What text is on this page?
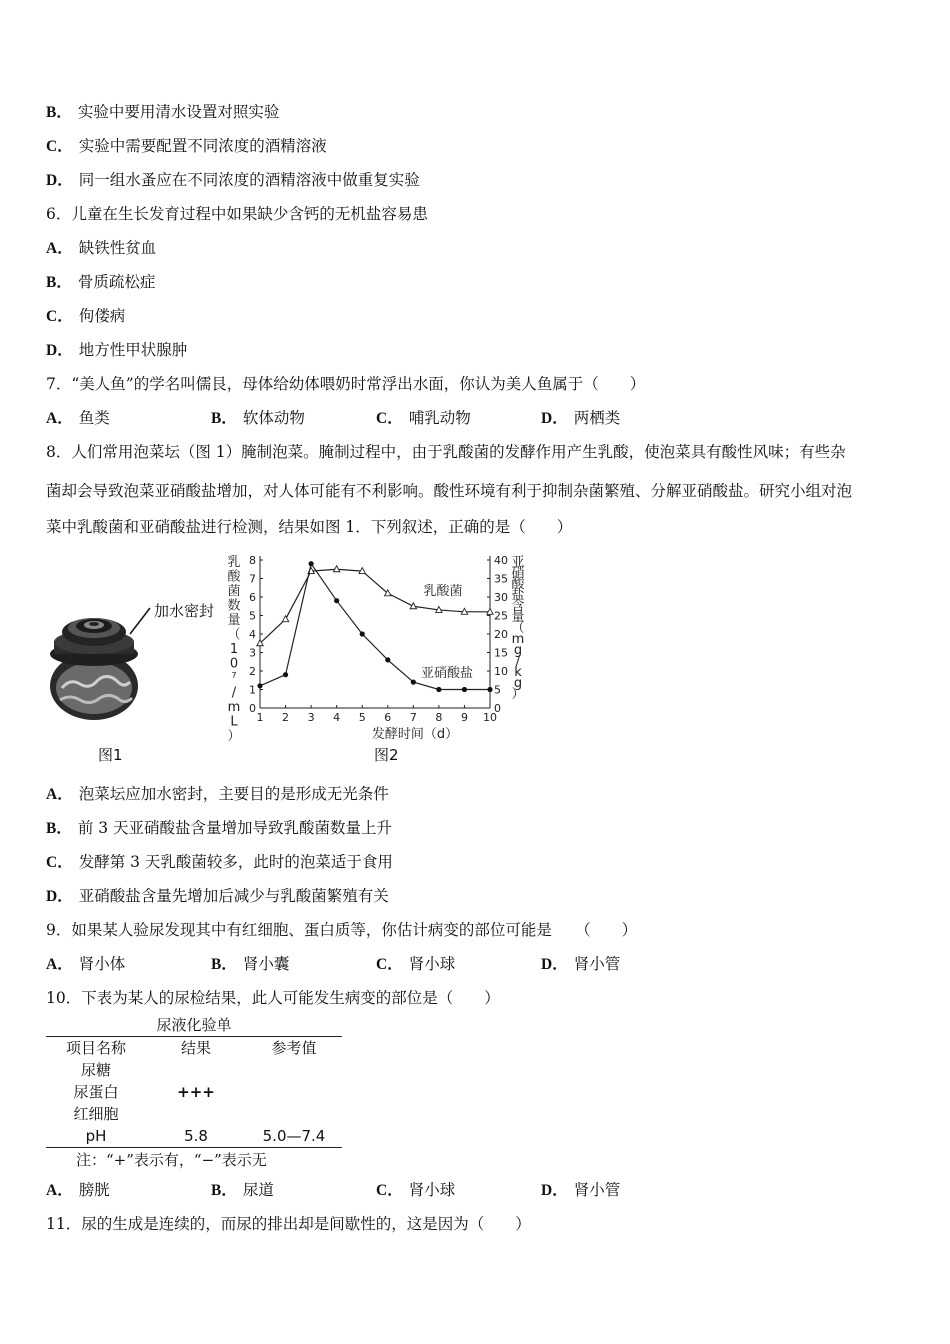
B． 实验中要用清水设置对照实验
C． 实验中需要配置不同浓度的酒精溶液
D． 同一组水蚤应在不同浓度的酒精溶液中做重复实验
6．儿童在生长发育过程中如果缺少含钙的无机盐容易患
A． 缺铁性贫血
B． 骨质疏松症
C． 佝偻病
D． 地方性甲状腺肿
7．“美人鱼”的学名叫儒艮，母体给幼体喂奶时常浮出水面，你认为美人鱼属于（　　）
A． 鱼类	B． 软体动物	C． 哺乳动物	D． 两栖类
8．人们常用泡菜坛（图 1）腌制泡菜。腌制过程中，由于乳酸菌的发酵作用产生乳酸，使泡菜具有酸性风味；有些杂
菌却会导致泡菜亚硝酸盐增加，对人体可能有不利影响。酸性环境有利于抑制杂菌繁殖、分解亚硝酸盐。研究小组对泡
菜中乳酸菌和亚硝酸盐进行检测，结果如图 1．下列叙述，正确的是（　　）
加水密封
图1	图2
1 2 3 4 5 6 7 8 9 10
0
1
2
3
4
5
6
7
8
0
5
10
15
20
25
30
35
40
乳酸菌
亚硝酸盐
乳
酸
菌
数
量
（
1
0
⁷
/
m
L
）
亚
硝
酸
盐
含
量
（
m
g
/
k
g
）
发酵时间（d）
A． 泡菜坛应加水密封，主要目的是形成无光条件
B． 前 3 天亚硝酸盐含量增加导致乳酸菌数量上升
C． 发酵第 3 天乳酸菌较多，此时的泡菜适于食用
D． 亚硝酸盐含量先增加后减少与乳酸菌繁殖有关
9．如果某人验尿发现其中有红细胞、蛋白质等，你估计病变的部位可能是　　（　　）
A． 肾小体	B． 肾小囊	C． 肾小球	D． 肾小管
10．下表为某人的尿检结果，此人可能发生病变的部位是（　　）
尿液化验单
项目名称	结果	参考值
尿糖
尿蛋白	+++
红细胞
pH	5.8	5.0—7.4
注：“+”表示有，“−”表示无
A． 膀胱	B． 尿道	C． 肾小球	D． 肾小管
11．尿的生成是连续的，而尿的排出却是间歇性的，这是因为（　　）
